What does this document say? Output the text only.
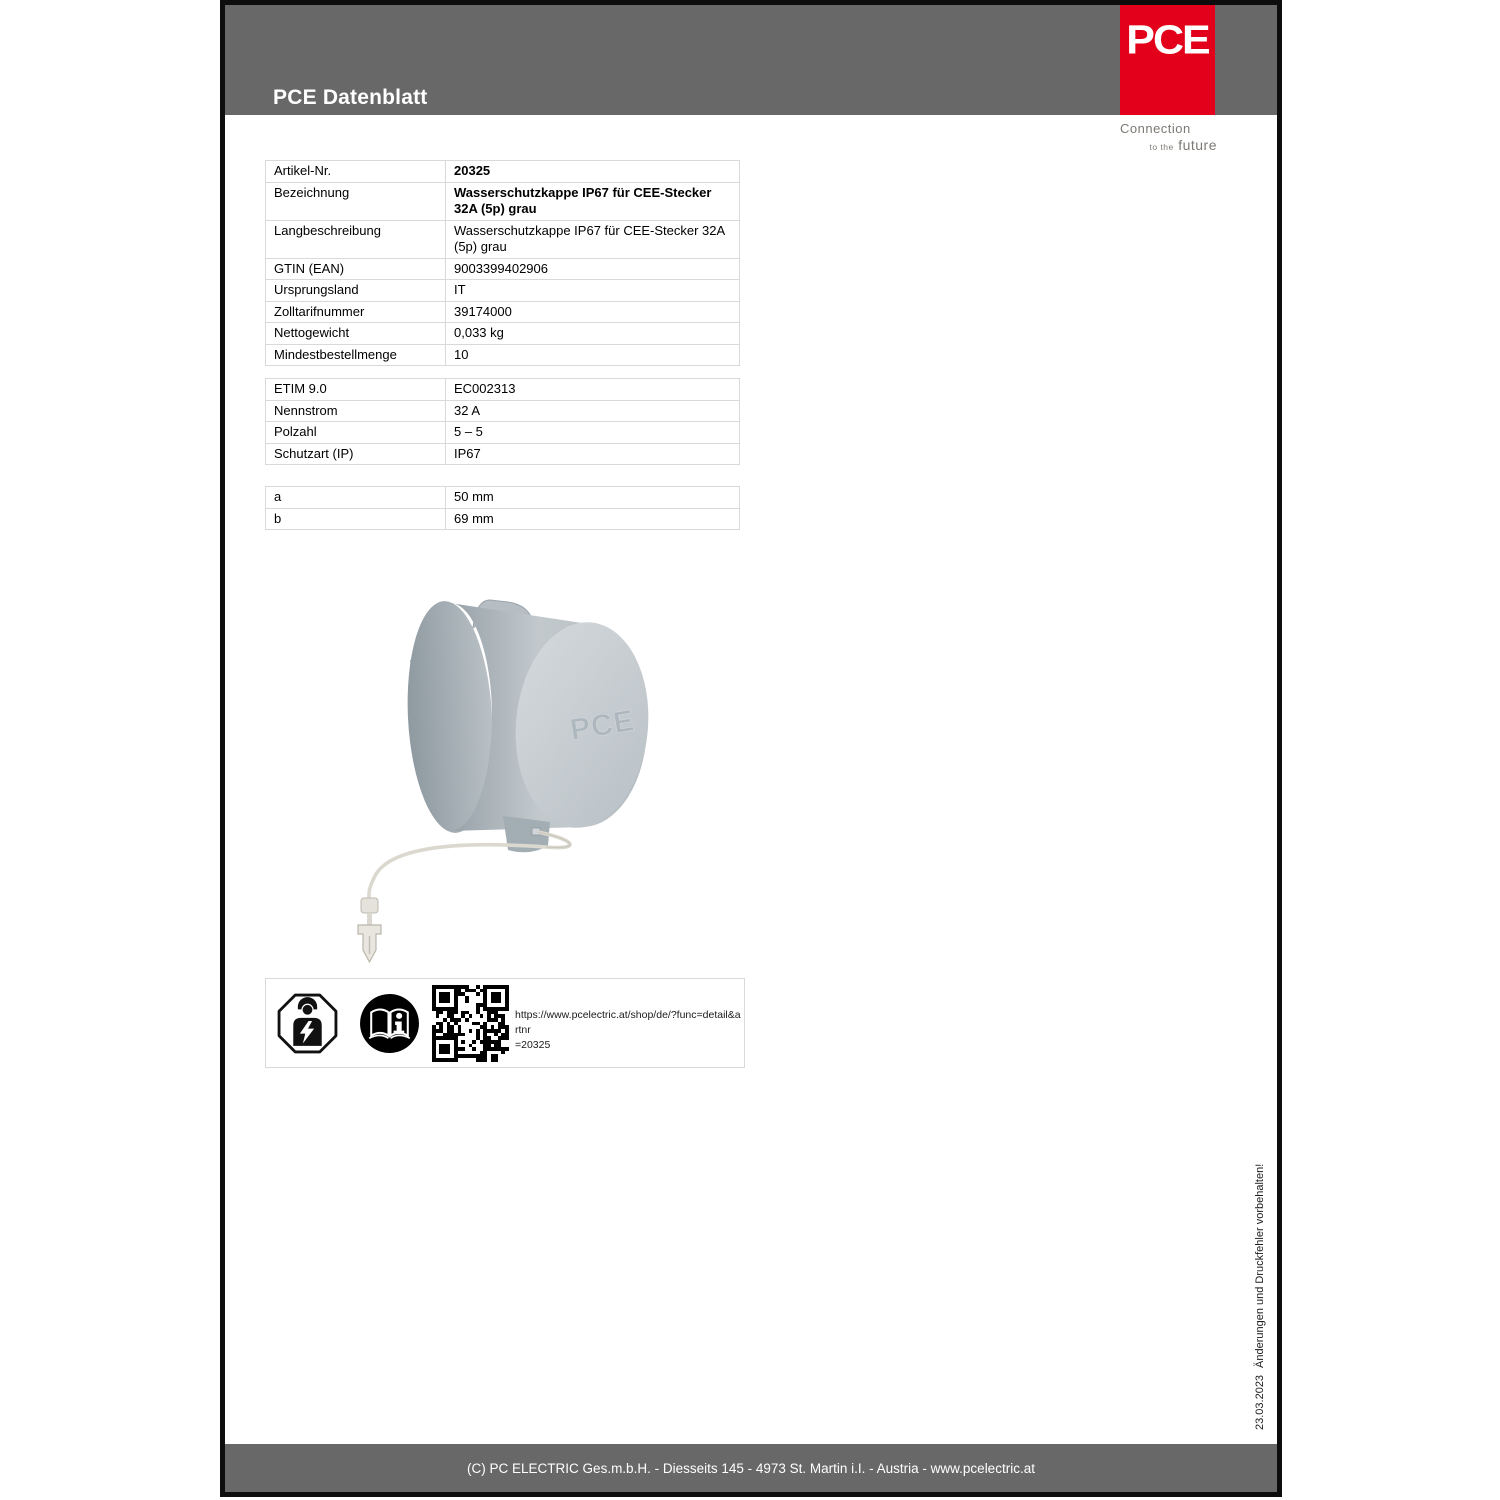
PCE Datenblatt
PCE
Connection
to the future
Artikel-Nr.	20325
Bezeichnung	Wasserschutzkappe IP67 für CEE-Stecker 32A (5p) grau
Langbeschreibung	Wasserschutzkappe IP67 für CEE-Stecker 32A (5p) grau
GTIN (EAN)	9003399402906
Ursprungsland	IT
Zolltarifnummer	39174000
Nettogewicht	0,033 kg
Mindestbestellmenge	10
ETIM 9.0	EC002313
Nennstrom	32 A
Polzahl	5 – 5
Schutzart (IP)	IP67
a	50 mm
b	69 mm
PCE
https://www.pcelectric.at/shop/de/?func=detail&artnr
=20325
Änderungen und Druckfehler vorbehalten!
23.03.2023
(C) PC ELECTRIC Ges.m.b.H. - Diesseits 145 - 4973 St. Martin i.I. - Austria - www.pcelectric.at
